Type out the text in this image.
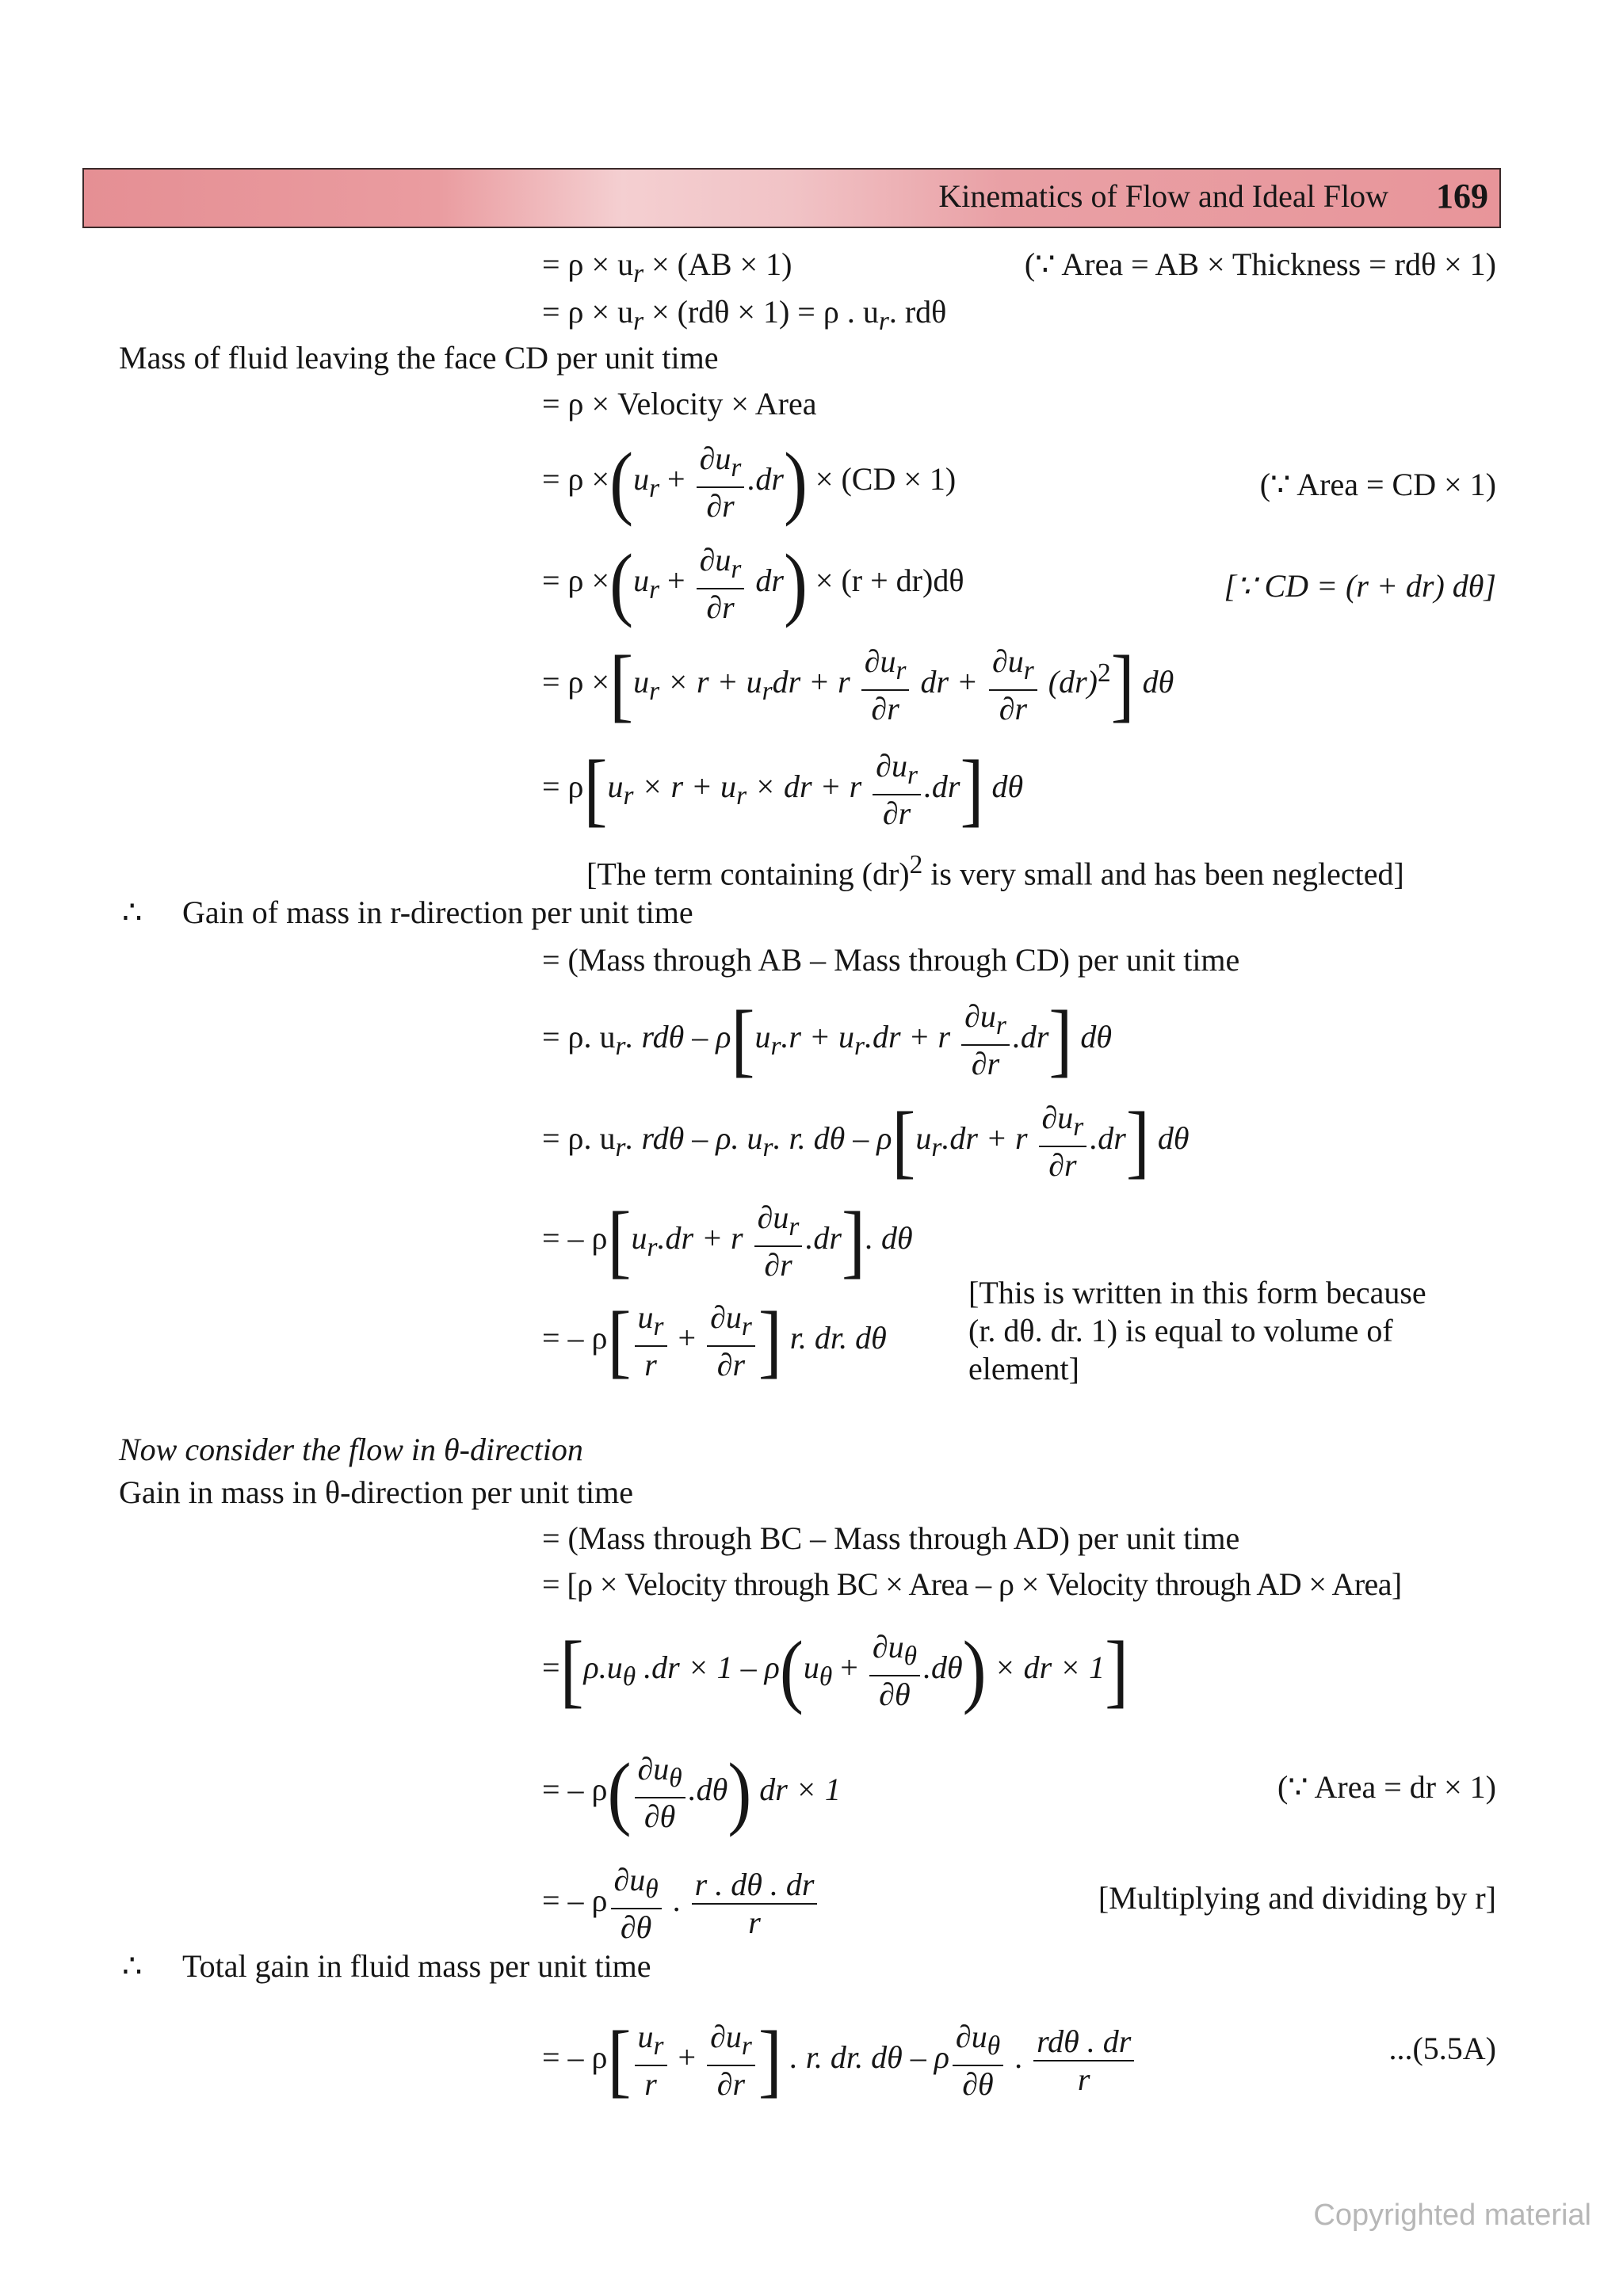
Kinematics of Flow and Ideal Flow 169
= $\rho \times u_r \times (AB \times 1)$	(∵ Area = AB × Thickness = rdθ × 1)
= $\rho \times u_r \times (rd\theta \times 1) = \rho$ . $u_r$. rdθ
Mass of fluid leaving the face CD per unit time
= ρ × Velocity × Area
= $\rho \times(u_r + \frac{\partial u_r}{\partial r} .dr) \times (CD \times 1)$	(∵ Area = CD × 1)
= $\rho \times(u_r + \frac{\partial u_r}{\partial r} dr) \times (r + dr)d\theta$	[∵ CD = (r + dr) dθ]
= $\rho \times[u_r \times r + u_rdr + r \frac{\partial u_r}{\partial r}$ dr + $\frac{\partial u_r}{\partial r} (dr)^2$] dθ
= $\rho[u_r \times r + u_r$ × dr + r $\frac{\partial u_r}{\partial r} .dr$] dθ
[The term containing (dr)$^2$ is very small and has been neglected]
∴ Gain of mass in r-direction per unit time
= (Mass through AB – Mass through CD) per unit time
= ρ. $u_r$. $rd\theta - \rho[u_r.r + u_r.dr + r \frac{\partial u_r}{\partial r} .dr]$ dθ
= ρ. $u_r$. rdθ – ρ. $u_r$. r. $d\theta - \rho[u_r.dr + r \frac{\partial u_r}{\partial r} .dr]$ dθ
= – $\rho[u_r.dr + r \frac{\partial u_r}{\partial r} .dr]$. dθ
= – $\rho[ \frac{u_r}{r} + \frac{\partial u_r}{\partial r}$ ] r. dr. dθ
[This is written in this form because
(r. dθ. dr. 1) is equal to volume of
element]
Now consider the flow in θ-direction
Gain in mass in θ-direction per unit time
= (Mass through BC – Mass through AD) per unit time
= [ρ × Velocity through BC × Area – ρ × Velocity through AD × Area]
$=[\rho.u_\theta$ $.dr \times 1 - \rho(u_\theta + \frac{\partial u_\theta}{\partial\theta} .d\theta)$ × dr × 1]
= – $\rho( \frac{\partial u_\theta}{\partial\theta} .d\theta)$ dr × 1	(∵ Area = dr × 1)
= – ρ $\frac{\partial u_\theta}{\partial\theta}$ . $\frac{r . d\theta . dr}{r}$	[Multiplying and dividing by r]
∴ Total gain in fluid mass per unit time
= – $\rho[ \frac{u_r}{r} + \frac{\partial u_r}{\partial r}$ ] . r. dr. dθ – ρ $\frac{\partial u_\theta}{\partial\theta}$ . rdθ . dr
r
...(5.5A)
Copyrighted material
